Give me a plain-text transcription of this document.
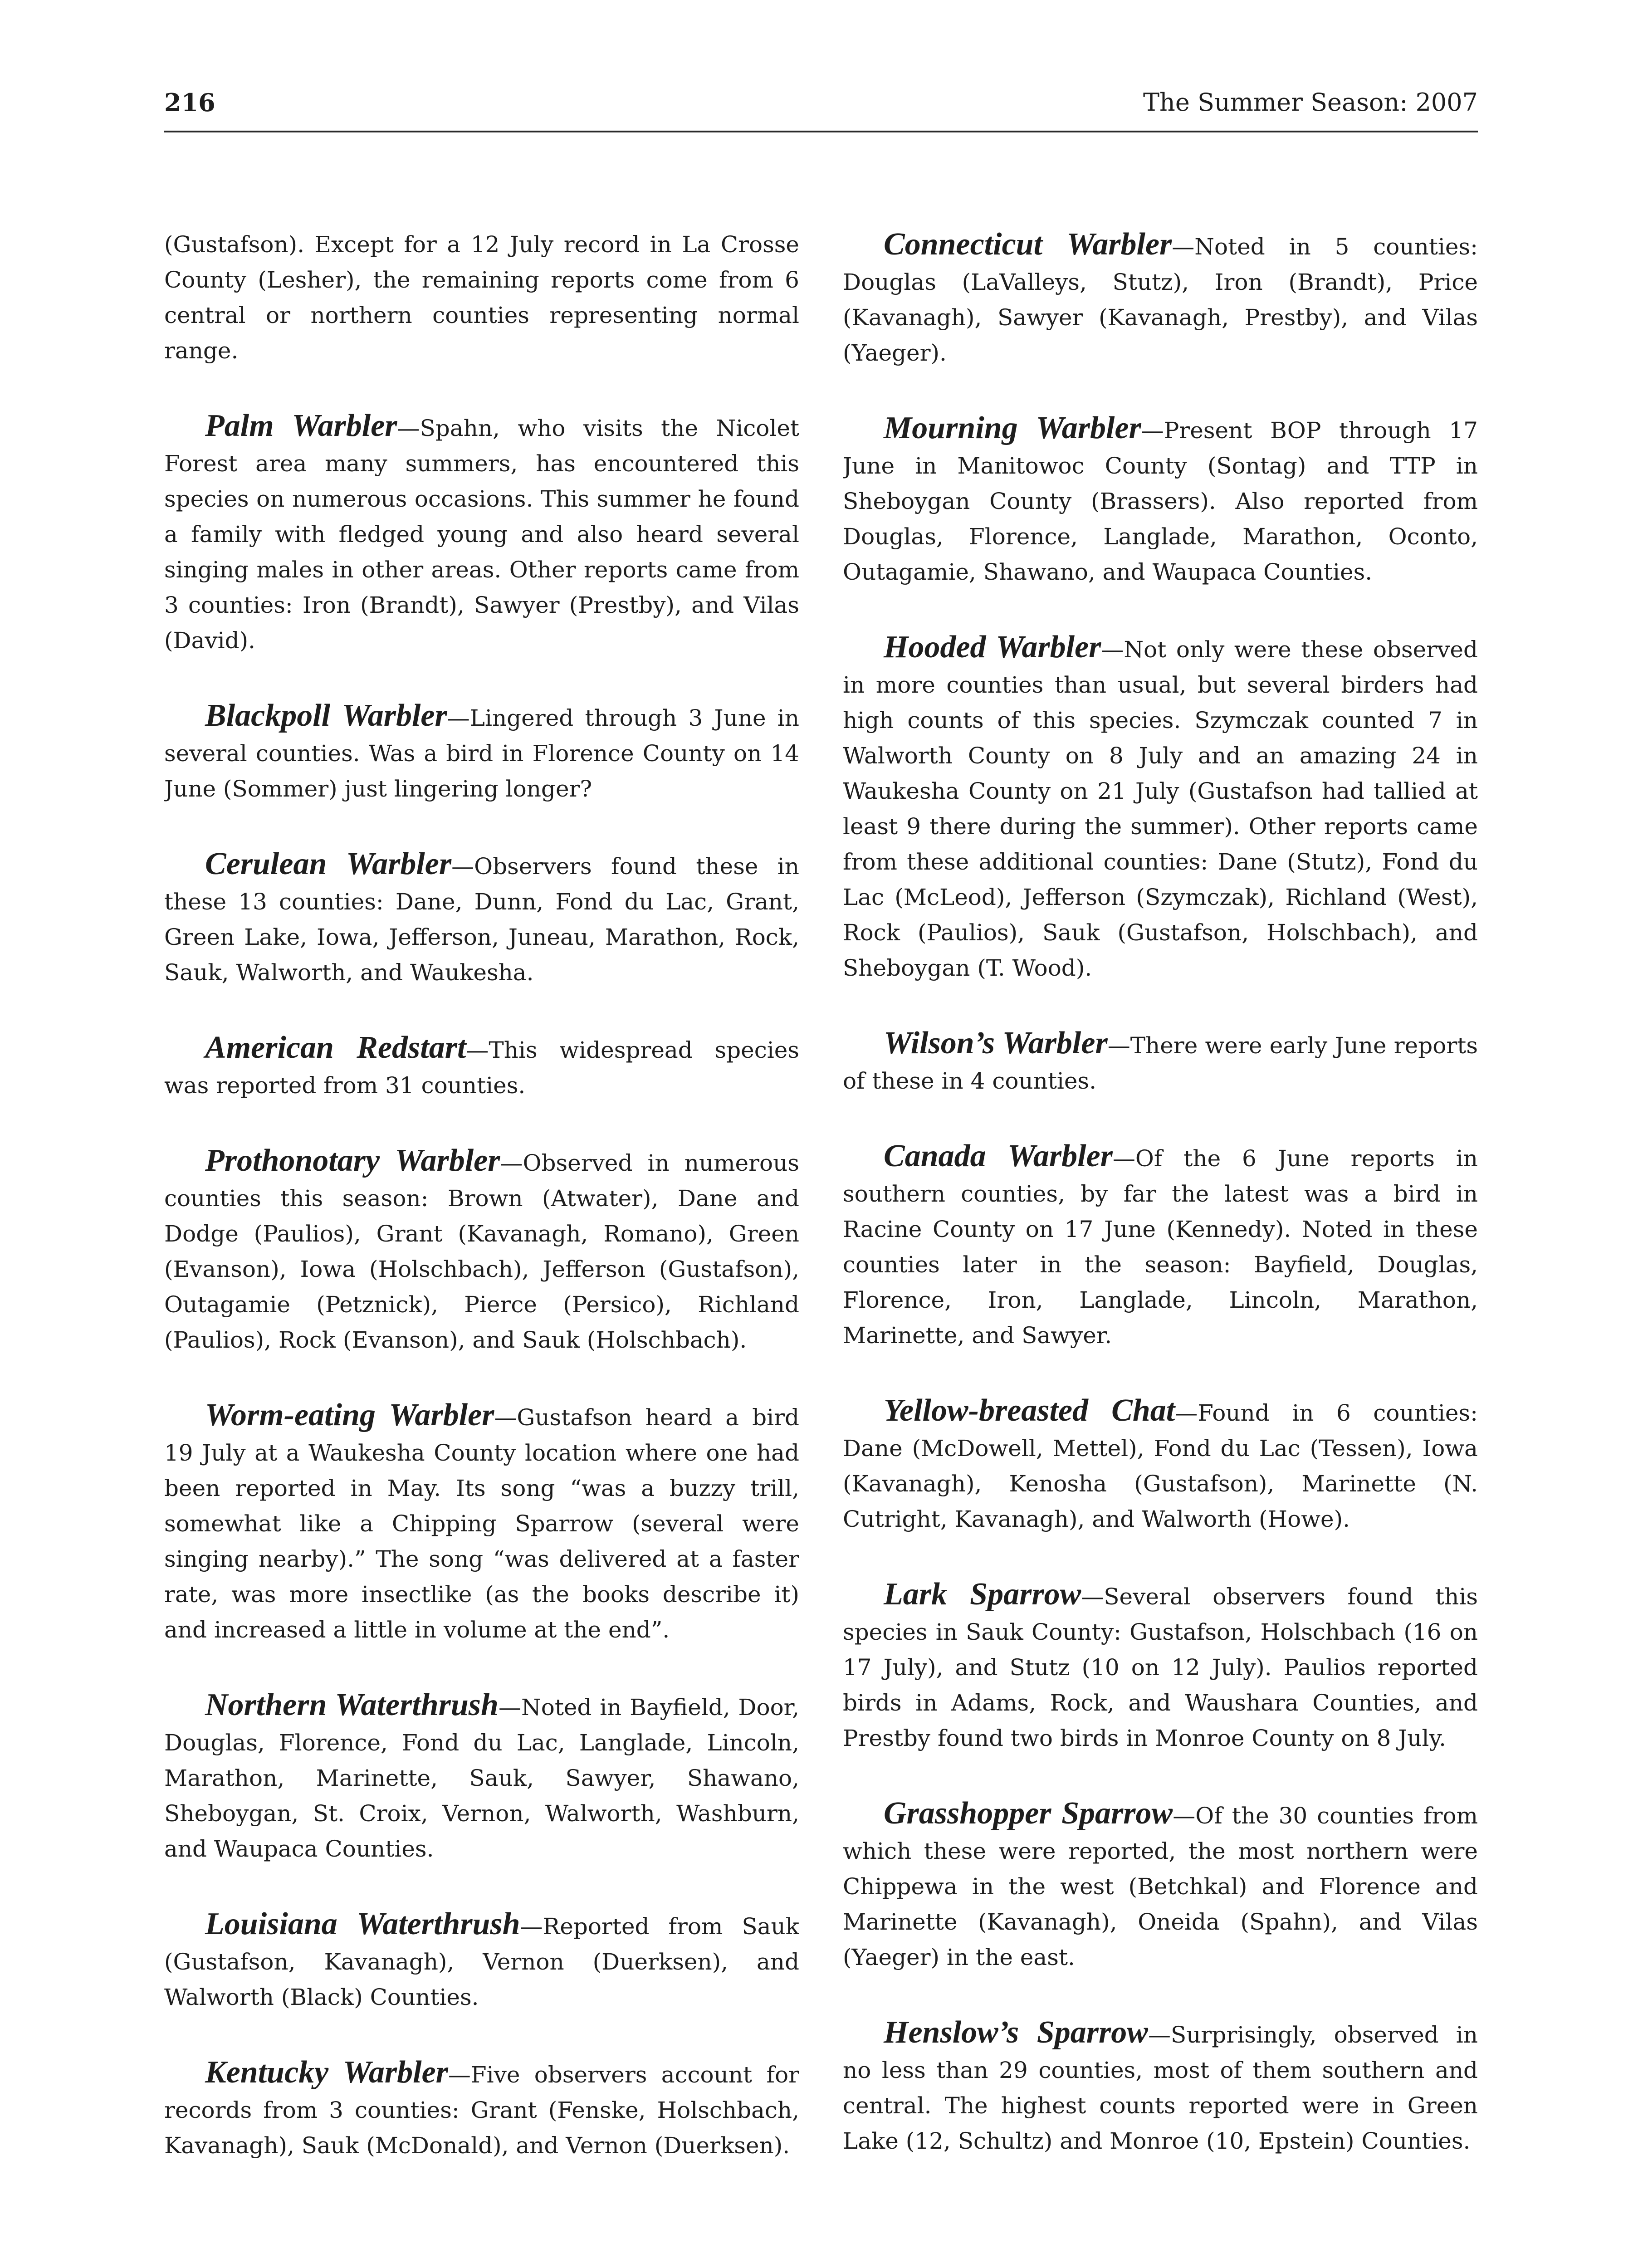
216	The Summer Season: 2007

(Gustafson). Except for a 12 July record in La Crosse County (Lesher), the remaining reports come from 6 central or northern counties representing normal range.

Palm Warbler—Spahn, who visits the Nicolet Forest area many summers, has encountered this species on numerous occasions. This summer he found a family with fledged young and also heard several singing males in other areas. Other reports came from 3 counties: Iron (Brandt), Sawyer (Prestby), and Vilas (David).

Blackpoll Warbler—Lingered through 3 June in several counties. Was a bird in Florence County on 14 June (Sommer) just lingering longer?

Cerulean Warbler—Observers found these in these 13 counties: Dane, Dunn, Fond du Lac, Grant, Green Lake, Iowa, Jefferson, Juneau, Marathon, Rock, Sauk, Walworth, and Waukesha.

American Redstart—This widespread species was reported from 31 counties.

Prothonotary Warbler—Observed in numerous counties this season: Brown (Atwater), Dane and Dodge (Paulios), Grant (Kavanagh, Romano), Green (Evanson), Iowa (Holschbach), Jefferson (Gustafson), Outagamie (Petznick), Pierce (Persico), Richland (Paulios), Rock (Evanson), and Sauk (Holschbach).

Worm-eating Warbler—Gustafson heard a bird 19 July at a Waukesha County location where one had been reported in May. Its song “was a buzzy trill, somewhat like a Chipping Sparrow (several were singing nearby).” The song “was delivered at a faster rate, was more insectlike (as the books describe it) and increased a little in volume at the end”.

Northern Waterthrush—Noted in Bayfield, Door, Douglas, Florence, Fond du Lac, Langlade, Lincoln, Marathon, Marinette, Sauk, Sawyer, Shawano, Sheboygan, St. Croix, Vernon, Walworth, Washburn, and Waupaca Counties.

Louisiana Waterthrush—Reported from Sauk (Gustafson, Kavanagh), Vernon (Duerksen), and Walworth (Black) Counties.

Kentucky Warbler—Five observers account for records from 3 counties: Grant (Fenske, Holschbach, Kavanagh), Sauk (McDonald), and Vernon (Duerksen).

Connecticut Warbler—Noted in 5 counties: Douglas (LaValleys, Stutz), Iron (Brandt), Price (Kavanagh), Sawyer (Kavanagh, Prestby), and Vilas (Yaeger).

Mourning Warbler—Present BOP through 17 June in Manitowoc County (Sontag) and TTP in Sheboygan County (Brassers). Also reported from Douglas, Florence, Langlade, Marathon, Oconto, Outagamie, Shawano, and Waupaca Counties.

Hooded Warbler—Not only were these observed in more counties than usual, but several birders had high counts of this species. Szymczak counted 7 in Walworth County on 8 July and an amazing 24 in Waukesha County on 21 July (Gustafson had tallied at least 9 there during the summer). Other reports came from these additional counties: Dane (Stutz), Fond du Lac (McLeod), Jefferson (Szymczak), Richland (West), Rock (Paulios), Sauk (Gustafson, Holschbach), and Sheboygan (T. Wood).

Wilson’s Warbler—There were early June reports of these in 4 counties.

Canada Warbler—Of the 6 June reports in southern counties, by far the latest was a bird in Racine County on 17 June (Kennedy). Noted in these counties later in the season: Bayfield, Douglas, Florence, Iron, Langlade, Lincoln, Marathon, Marinette, and Sawyer.

Yellow-breasted Chat—Found in 6 counties: Dane (McDowell, Mettel), Fond du Lac (Tessen), Iowa (Kavanagh), Kenosha (Gustafson), Marinette (N. Cutright, Kavanagh), and Walworth (Howe).

Lark Sparrow—Several observers found this species in Sauk County: Gustafson, Holschbach (16 on 17 July), and Stutz (10 on 12 July). Paulios reported birds in Adams, Rock, and Waushara Counties, and Prestby found two birds in Monroe County on 8 July.

Grasshopper Sparrow—Of the 30 counties from which these were reported, the most northern were Chippewa in the west (Betchkal) and Florence and Marinette (Kavanagh), Oneida (Spahn), and Vilas (Yaeger) in the east.

Henslow’s Sparrow—Surprisingly, observed in no less than 29 counties, most of them southern and central. The highest counts reported were in Green Lake (12, Schultz) and Monroe (10, Epstein) Counties.
